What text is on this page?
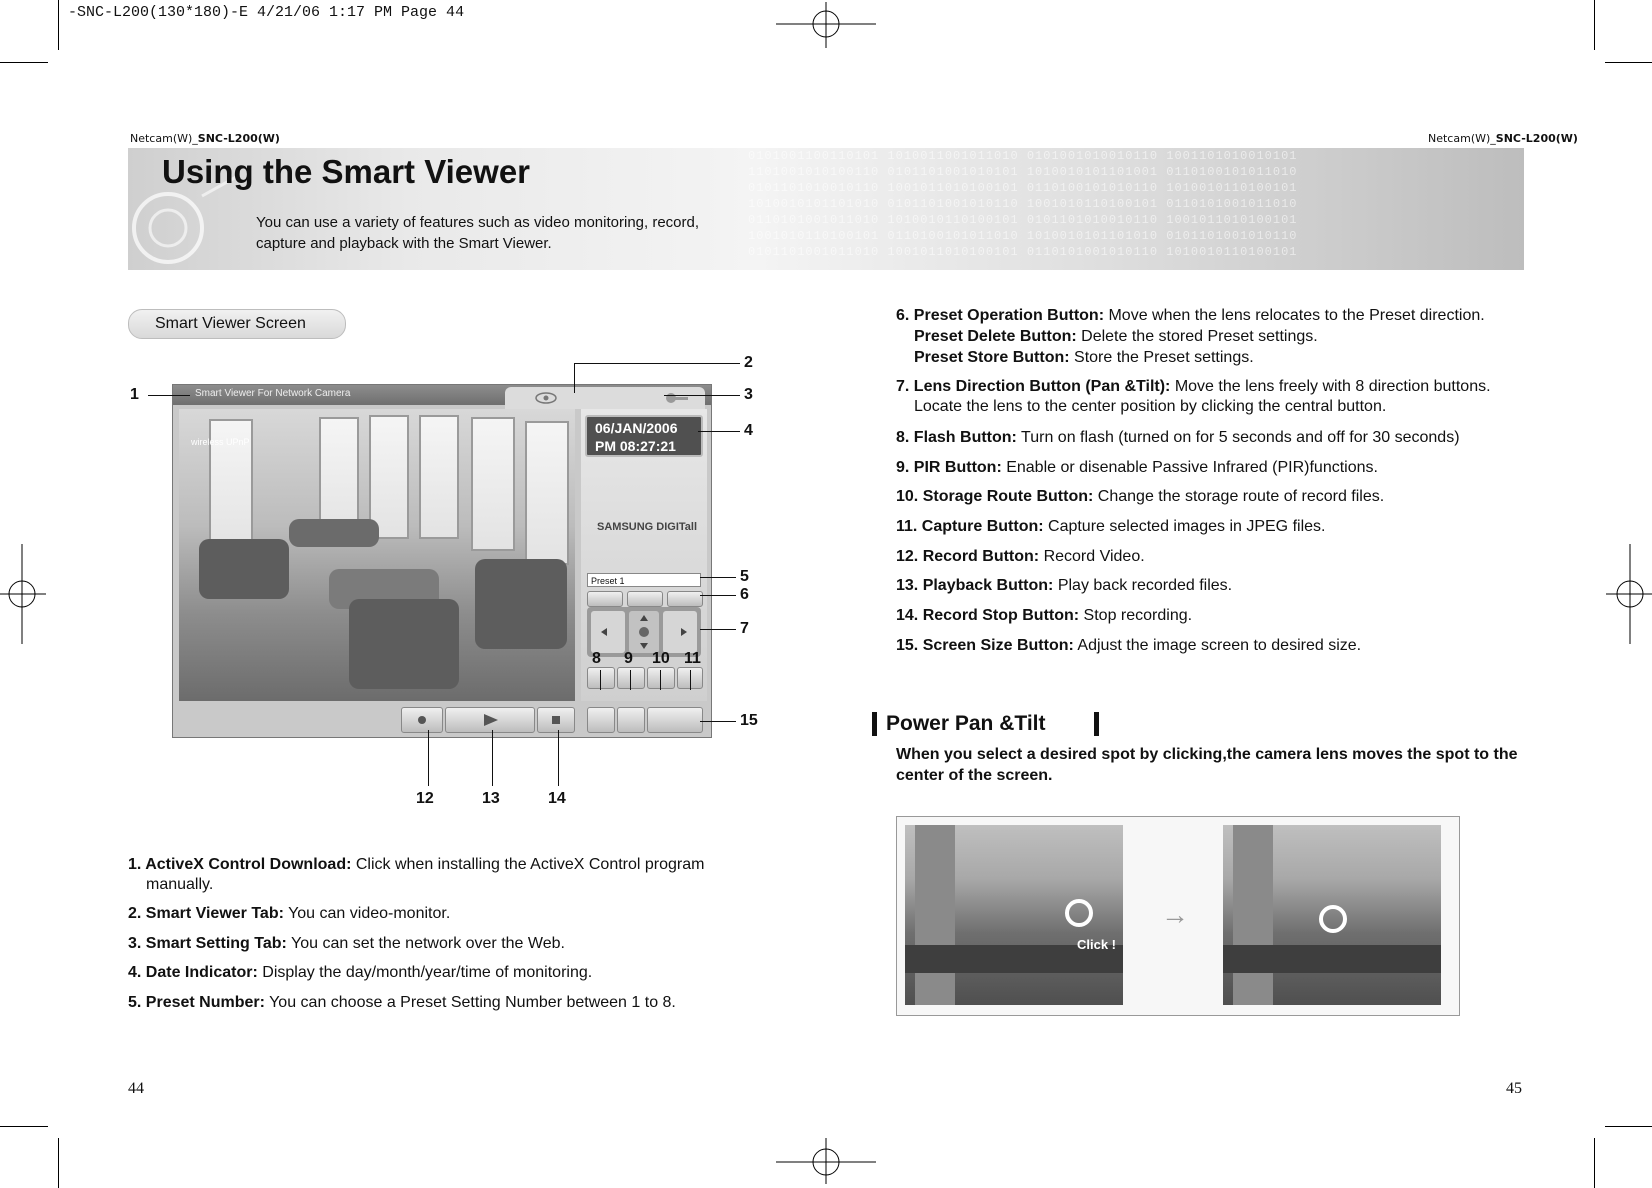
-SNC-L200(130*180)-E 4/21/06 1:17 PM Page 44
Netcam(W)_SNC-L200(W)	Netcam(W)_SNC-L200(W)
0101001100110101 1010011001011010 0101001010010110 1001101010010101
1101001010100110 0101101001010101 1010010101101001 0110100101011010
0101101010010110 1001011010100101 0110100101010110 1010010110100101
1010010101101010 0101101001010110 1001010110100101 0110101001011010
0110101001011010 1010010110100101 0101101010010110 1001011010100101
1001010110100101 0110100101011010 1010010101101010 0101101001010110
0101101001011010 1001011010100101 0110101001010110 1010010110100101
Using the Smart Viewer
You can use a variety of features such as video monitoring, record,
capture and playback with the Smart Viewer.
Smart Viewer Screen
Smart Viewer For Network Camera
wireless UPnP
06/JAN/2006
PM 08:27:21
SAMSUNG DIGITall
Preset 1
1
2
3
4
5
6
7
8 9 10 11
15
12	13	14
1. ActiveX Control Download: Click when installing the ActiveX Control program
manually.
2. Smart Viewer Tab: You can video-monitor.
3. Smart Setting Tab: You can set the network over the Web.
4. Date Indicator: Display the day/month/year/time of monitoring.
5. Preset Number: You can choose a Preset Setting Number between 1 to 8.
6. Preset Operation Button: Move when the lens relocates to the Preset direction.
Preset Delete Button: Delete the stored Preset settings.
Preset Store Button: Store the Preset settings.
7. Lens Direction Button (Pan &Tilt): Move the lens freely with 8 direction buttons.
Locate the lens to the center position by clicking the central button.
8. Flash Button: Turn on flash (turned on for 5 seconds and off for 30 seconds)
9. PIR Button: Enable or disenable Passive Infrared (PIR)functions.
10. Storage Route Button: Change the storage route of record files.
11. Capture Button: Capture selected images in JPEG files.
12. Record Button: Record Video.
13. Playback Button: Play back recorded files.
14. Record Stop Button: Stop recording.
15. Screen Size Button: Adjust the image screen to desired size.
Power Pan &Tilt
When you select a desired spot by clicking,the camera lens moves the spot to the center of the screen.
Click !
→
44	45
